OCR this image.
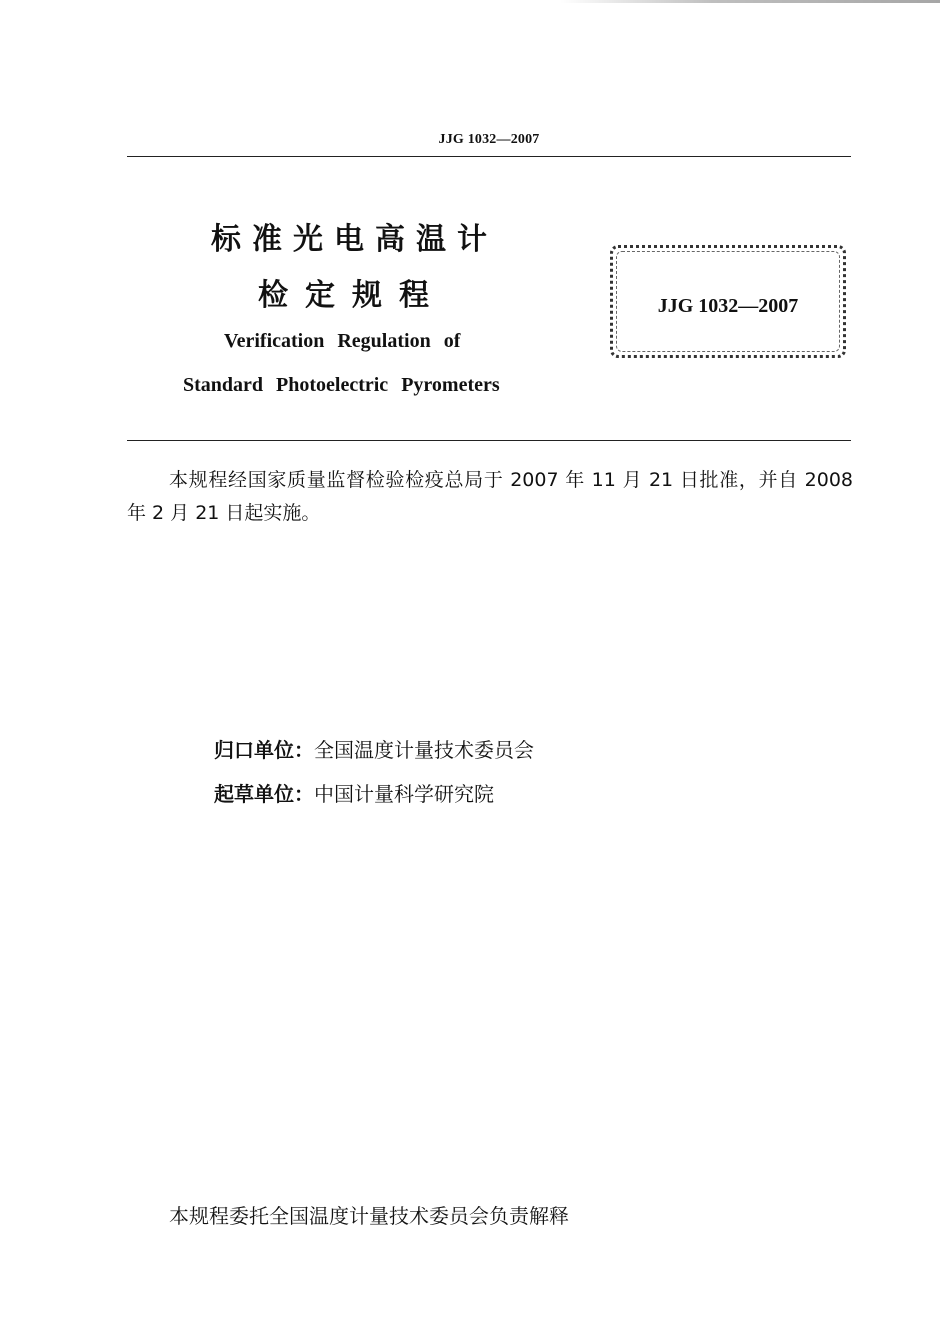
JJG 1032—2007
标准光电高温计
检定规程
Verification Regulation of
Standard Photoelectric Pyrometers
JJG 1032—2007
本规程经国家质量监督检验检疫总局于 2007 年 11 月 21 日批准，并自 2008 年 2 月 21 日起实施。
归口单位：全国温度计量技术委员会
起草单位：中国计量科学研究院
本规程委托全国温度计量技术委员会负责解释
